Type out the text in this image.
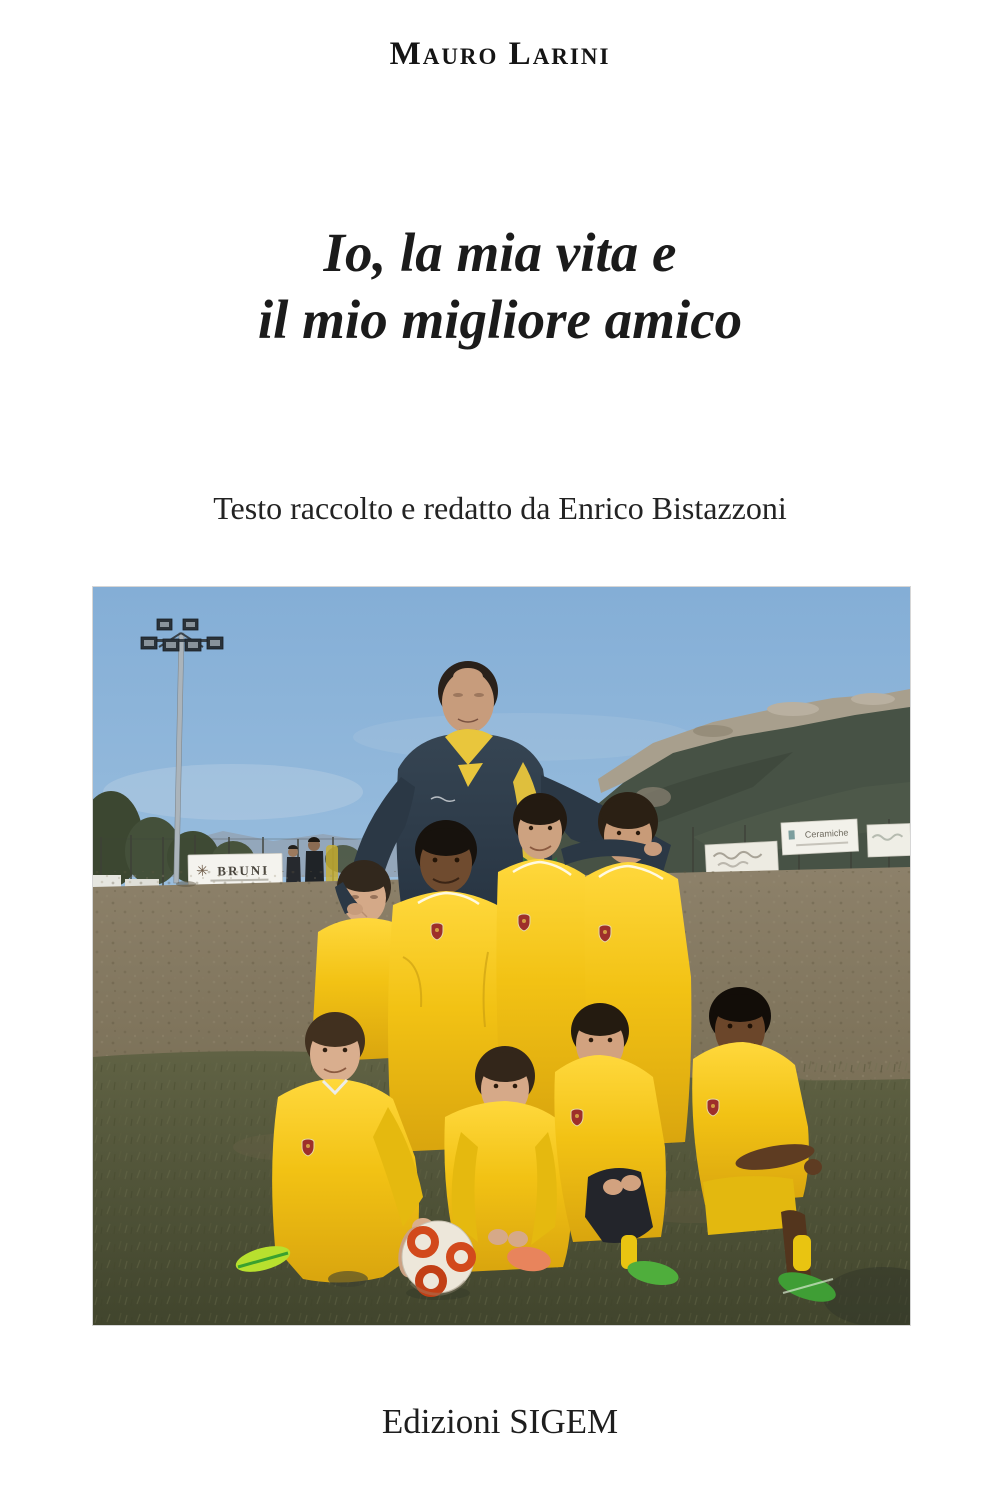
Mauro Larini
Io, la mia vita e
il mio migliore amico
Testo raccolto e redatto da Enrico Bistazzoni
✳ BRUNI
Ceramiche
Edizioni SIGEM
